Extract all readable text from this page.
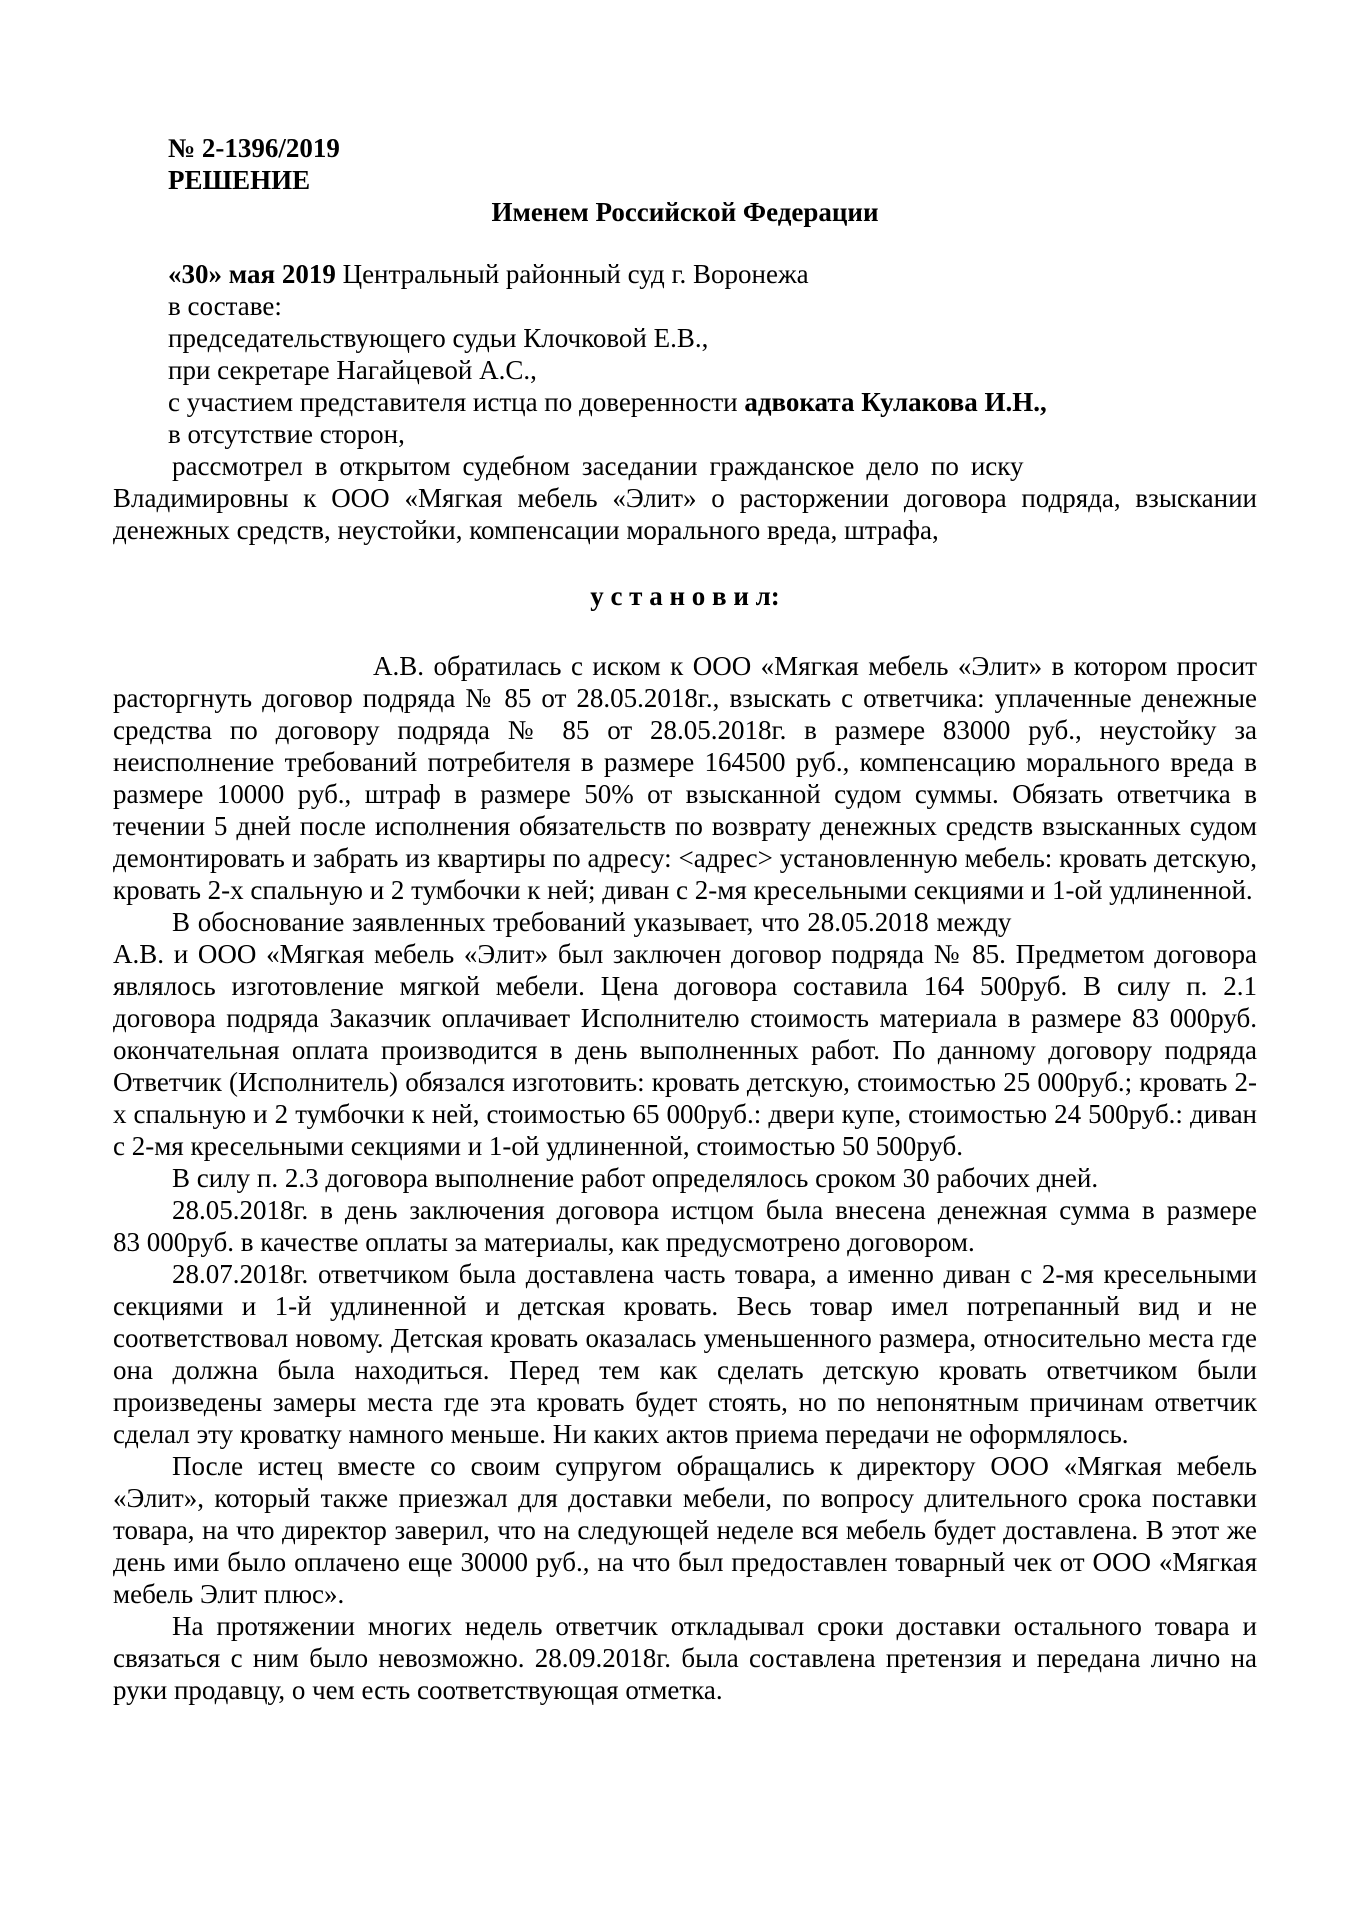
№ 2-1396/2019

РЕШЕНИЕ

Именем Российской Федерации

«30» мая 2019 Центральный районный суд г. Воронежа

в составе:

председательствующего судьи Клочковой Е.В.,

при секретаре Нагайцевой А.С.,

с участием представителя истца по доверенности адвоката Кулакова И.Н.,

в отсутствие сторон,

рассмотрел в открытом судебном заседании гражданское дело по иску                     Владимировны к ООО «Мягкая мебель «Элит» о расторжении договора подряда, взыскании денежных средств, неустойки, компенсации морального вреда, штрафа,

у с т а н о в и л:

А.В. обратилась с иском к ООО «Мягкая мебель «Элит» в котором просит расторгнуть договор подряда № 85 от 28.05.2018г., взыскать с ответчика: уплаченные денежные средства по договору подряда № 85 от 28.05.2018г. в размере 83000 руб., неустойку за неисполнение требований потребителя в размере 164500 руб., компенсацию морального вреда в размере 10000 руб., штраф в размере 50% от взысканной судом суммы. Обязать ответчика в течении 5 дней после исполнения обязательств по возврату денежных средств взысканных судом демонтировать и забрать из квартиры по адресу: <адрес> установленную мебель: кровать детскую, кровать 2-х спальную и 2 тумбочки к ней; диван с 2-мя кресельными секциями и 1-ой удлиненной.

В обоснование заявленных требований указывает, что 28.05.2018 между                                 А.В. и ООО «Мягкая мебель «Элит» был заключен договор подряда № 85. Предметом договора являлось изготовление мягкой мебели. Цена договора составила 164 500руб. В силу п. 2.1 договора подряда Заказчик оплачивает Исполнителю стоимость материала в размере 83 000руб. окончательная оплата производится в день выполненных работ. По данному договору подряда Ответчик (Исполнитель) обязался изготовить: кровать детскую, стоимостью 25 000руб.; кровать 2-х спальную и 2 тумбочки к ней, стоимостью 65 000руб.: двери купе, стоимостью 24 500руб.: диван с 2-мя кресельными секциями и 1-ой удлиненной, стоимостью 50 500руб.

В силу п. 2.3 договора выполнение работ определялось сроком 30 рабочих дней.

28.05.2018г. в день заключения договора истцом была внесена денежная сумма в размере 83 000руб. в качестве оплаты за материалы, как предусмотрено договором.

28.07.2018г. ответчиком была доставлена часть товара, а именно диван с 2-мя кресельными секциями и 1-й удлиненной и детская кровать. Весь товар имел потрепанный вид и не соответствовал новому. Детская кровать оказалась уменьшенного размера, относительно места где она должна была находиться. Перед тем как сделать детскую кровать ответчиком были произведены замеры места где эта кровать будет стоять, но по непонятным причинам ответчик сделал эту кроватку намного меньше. Ни каких актов приема передачи не оформлялось.

После истец вместе со своим супругом обращались к директору ООО «Мягкая мебель «Элит», который также приезжал для доставки мебели, по вопросу длительного срока поставки товара, на что директор заверил, что на следующей неделе вся мебель будет доставлена. В этот же день ими было оплачено еще 30000 руб., на что был предоставлен товарный чек от ООО «Мягкая мебель Элит плюс».

На протяжении многих недель ответчик откладывал сроки доставки остального товара и связаться с ним было невозможно. 28.09.2018г. была составлена претензия и передана лично на руки продавцу, о чем есть соответствующая отметка.
